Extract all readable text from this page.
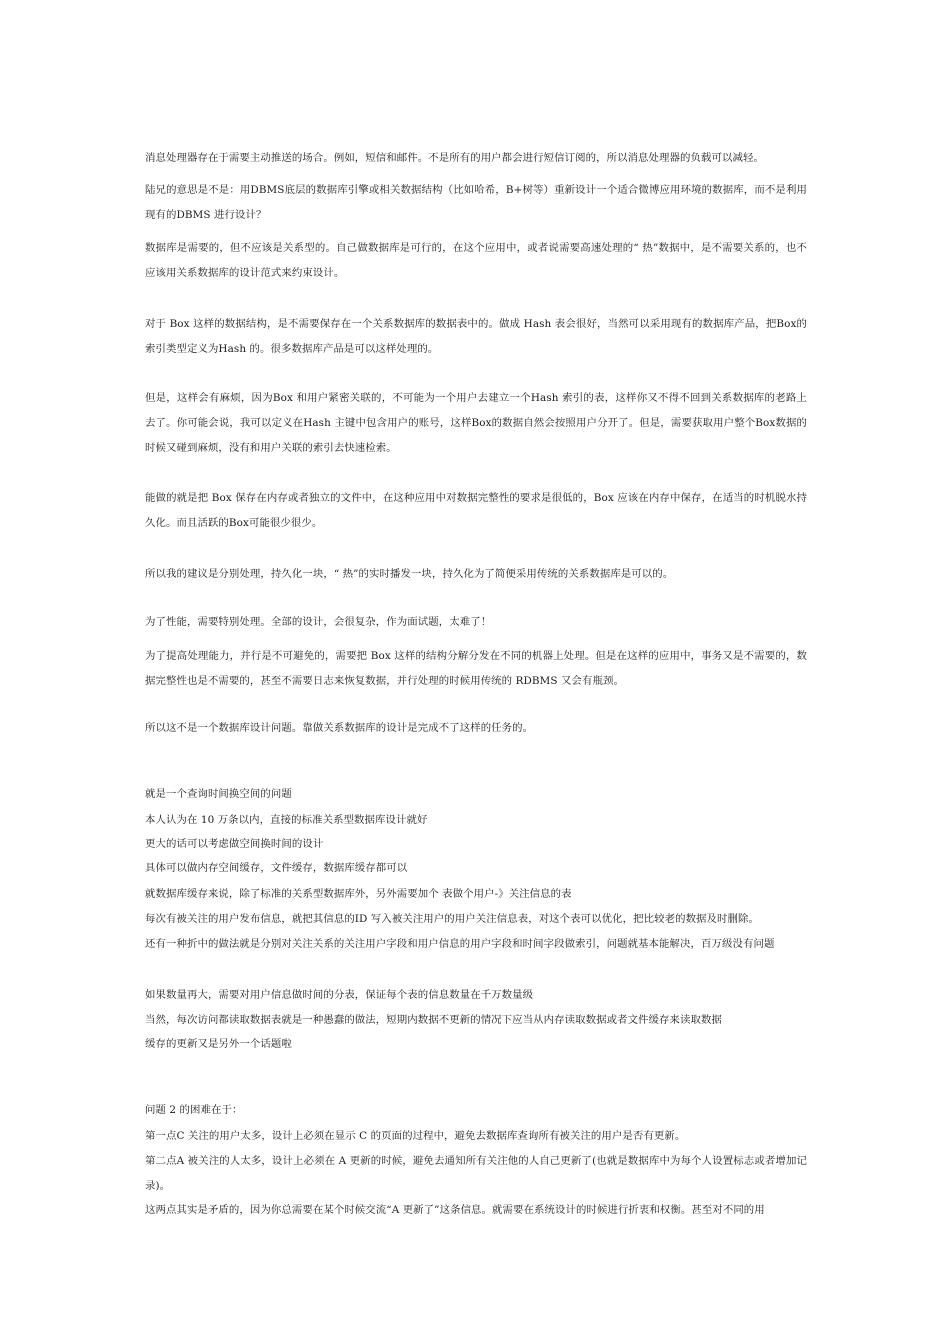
消息处理器存在于需要主动推送的场合。例如，短信和邮件。不是所有的用户都会进行短信订阅的，所以消息处理器的负载可以减轻。

陆兄的意思是不是：用DBMS底层的数据库引擎或相关数据结构（比如哈希，B+树等）重新设计一个适合微博应用环境的数据库，而不是利用现有的DBMS 进行设计？

数据库是需要的，但不应该是关系型的。自己做数据库是可行的，在这个应用中，或者说需要高速处理的“ 热”数据中，是不需要关系的，也不应该用关系数据库的设计范式来约束设计。

对于 Box 这样的数据结构，是不需要保存在一个关系数据库的数据表中的。做成 Hash 表会很好，当然可以采用现有的数据库产品，把Box的索引类型定义为Hash 的。很多数据库产品是可以这样处理的。

但是，这样会有麻烦，因为Box 和用户紧密关联的，不可能为一个用户去建立一个Hash 索引的表，这样你又不得不回到关系数据库的老路上去了。你可能会说，我可以定义在Hash 主键中包含用户的账号，这样Box的数据自然会按照用户分开了。但是，需要获取用户整个Box数据的时候又碰到麻烦，没有和用户关联的索引去快速检索。

能做的就是把 Box 保存在内存或者独立的文件中，在这种应用中对数据完整性的要求是很低的，Box 应该在内存中保存，在适当的时机脱水持久化。而且活跃的Box可能很少很少。

所以我的建议是分别处理，持久化一块，“ 热”的实时播发一块，持久化为了简便采用传统的关系数据库是可以的。

为了性能，需要特别处理。全部的设计，会很复杂，作为面试题，太难了！

为了提高处理能力，并行是不可避免的，需要把 Box 这样的结构分解分发在不同的机器上处理。但是在这样的应用中，事务又是不需要的，数据完整性也是不需要的，甚至不需要日志来恢复数据，并行处理的时候用传统的 RDBMS 又会有瓶颈。

所以这不是一个数据库设计问题。靠做关系数据库的设计是完成不了这样的任务的。

就是一个查询时间换空间的问题

本人认为在 10 万条以内，直接的标准关系型数据库设计就好

更大的话可以考虑做空间换时间的设计

具体可以做内存空间缓存，文件缓存，数据库缓存都可以

就数据库缓存来说，除了标准的关系型数据库外，另外需要加个 表做个用户-》关注信息的表

每次有被关注的用户发布信息，就把其信息的ID 写入被关注用户的用户关注信息表，对这个表可以优化，把比较老的数据及时删除。

还有一种折中的做法就是分别对关注关系的关注用户字段和用户信息的用户字段和时间字段做索引，问题就基本能解决，百万级没有问题

如果数量再大，需要对用户信息做时间的分表，保证每个表的信息数量在千万数量级

当然，每次访问都读取数据表就是一种愚蠢的做法，短期内数据不更新的情况下应当从内存读取数据或者文件缓存来读取数据

缓存的更新又是另外一个话题啦

问题 2 的困难在于：

第一点C 关注的用户太多，设计上必须在显示 C 的页面的过程中，避免去数据库查询所有被关注的用户是否有更新。

第二点A 被关注的人太多，设计上必须在 A 更新的时候，避免去通知所有关注他的人自己更新了(也就是数据库中为每个人设置标志或者增加记录)。

这两点其实是矛盾的，因为你总需要在某个时候交流“A 更新了”这条信息。就需要在系统设计的时候进行折衷和权衡。甚至对不同的用
